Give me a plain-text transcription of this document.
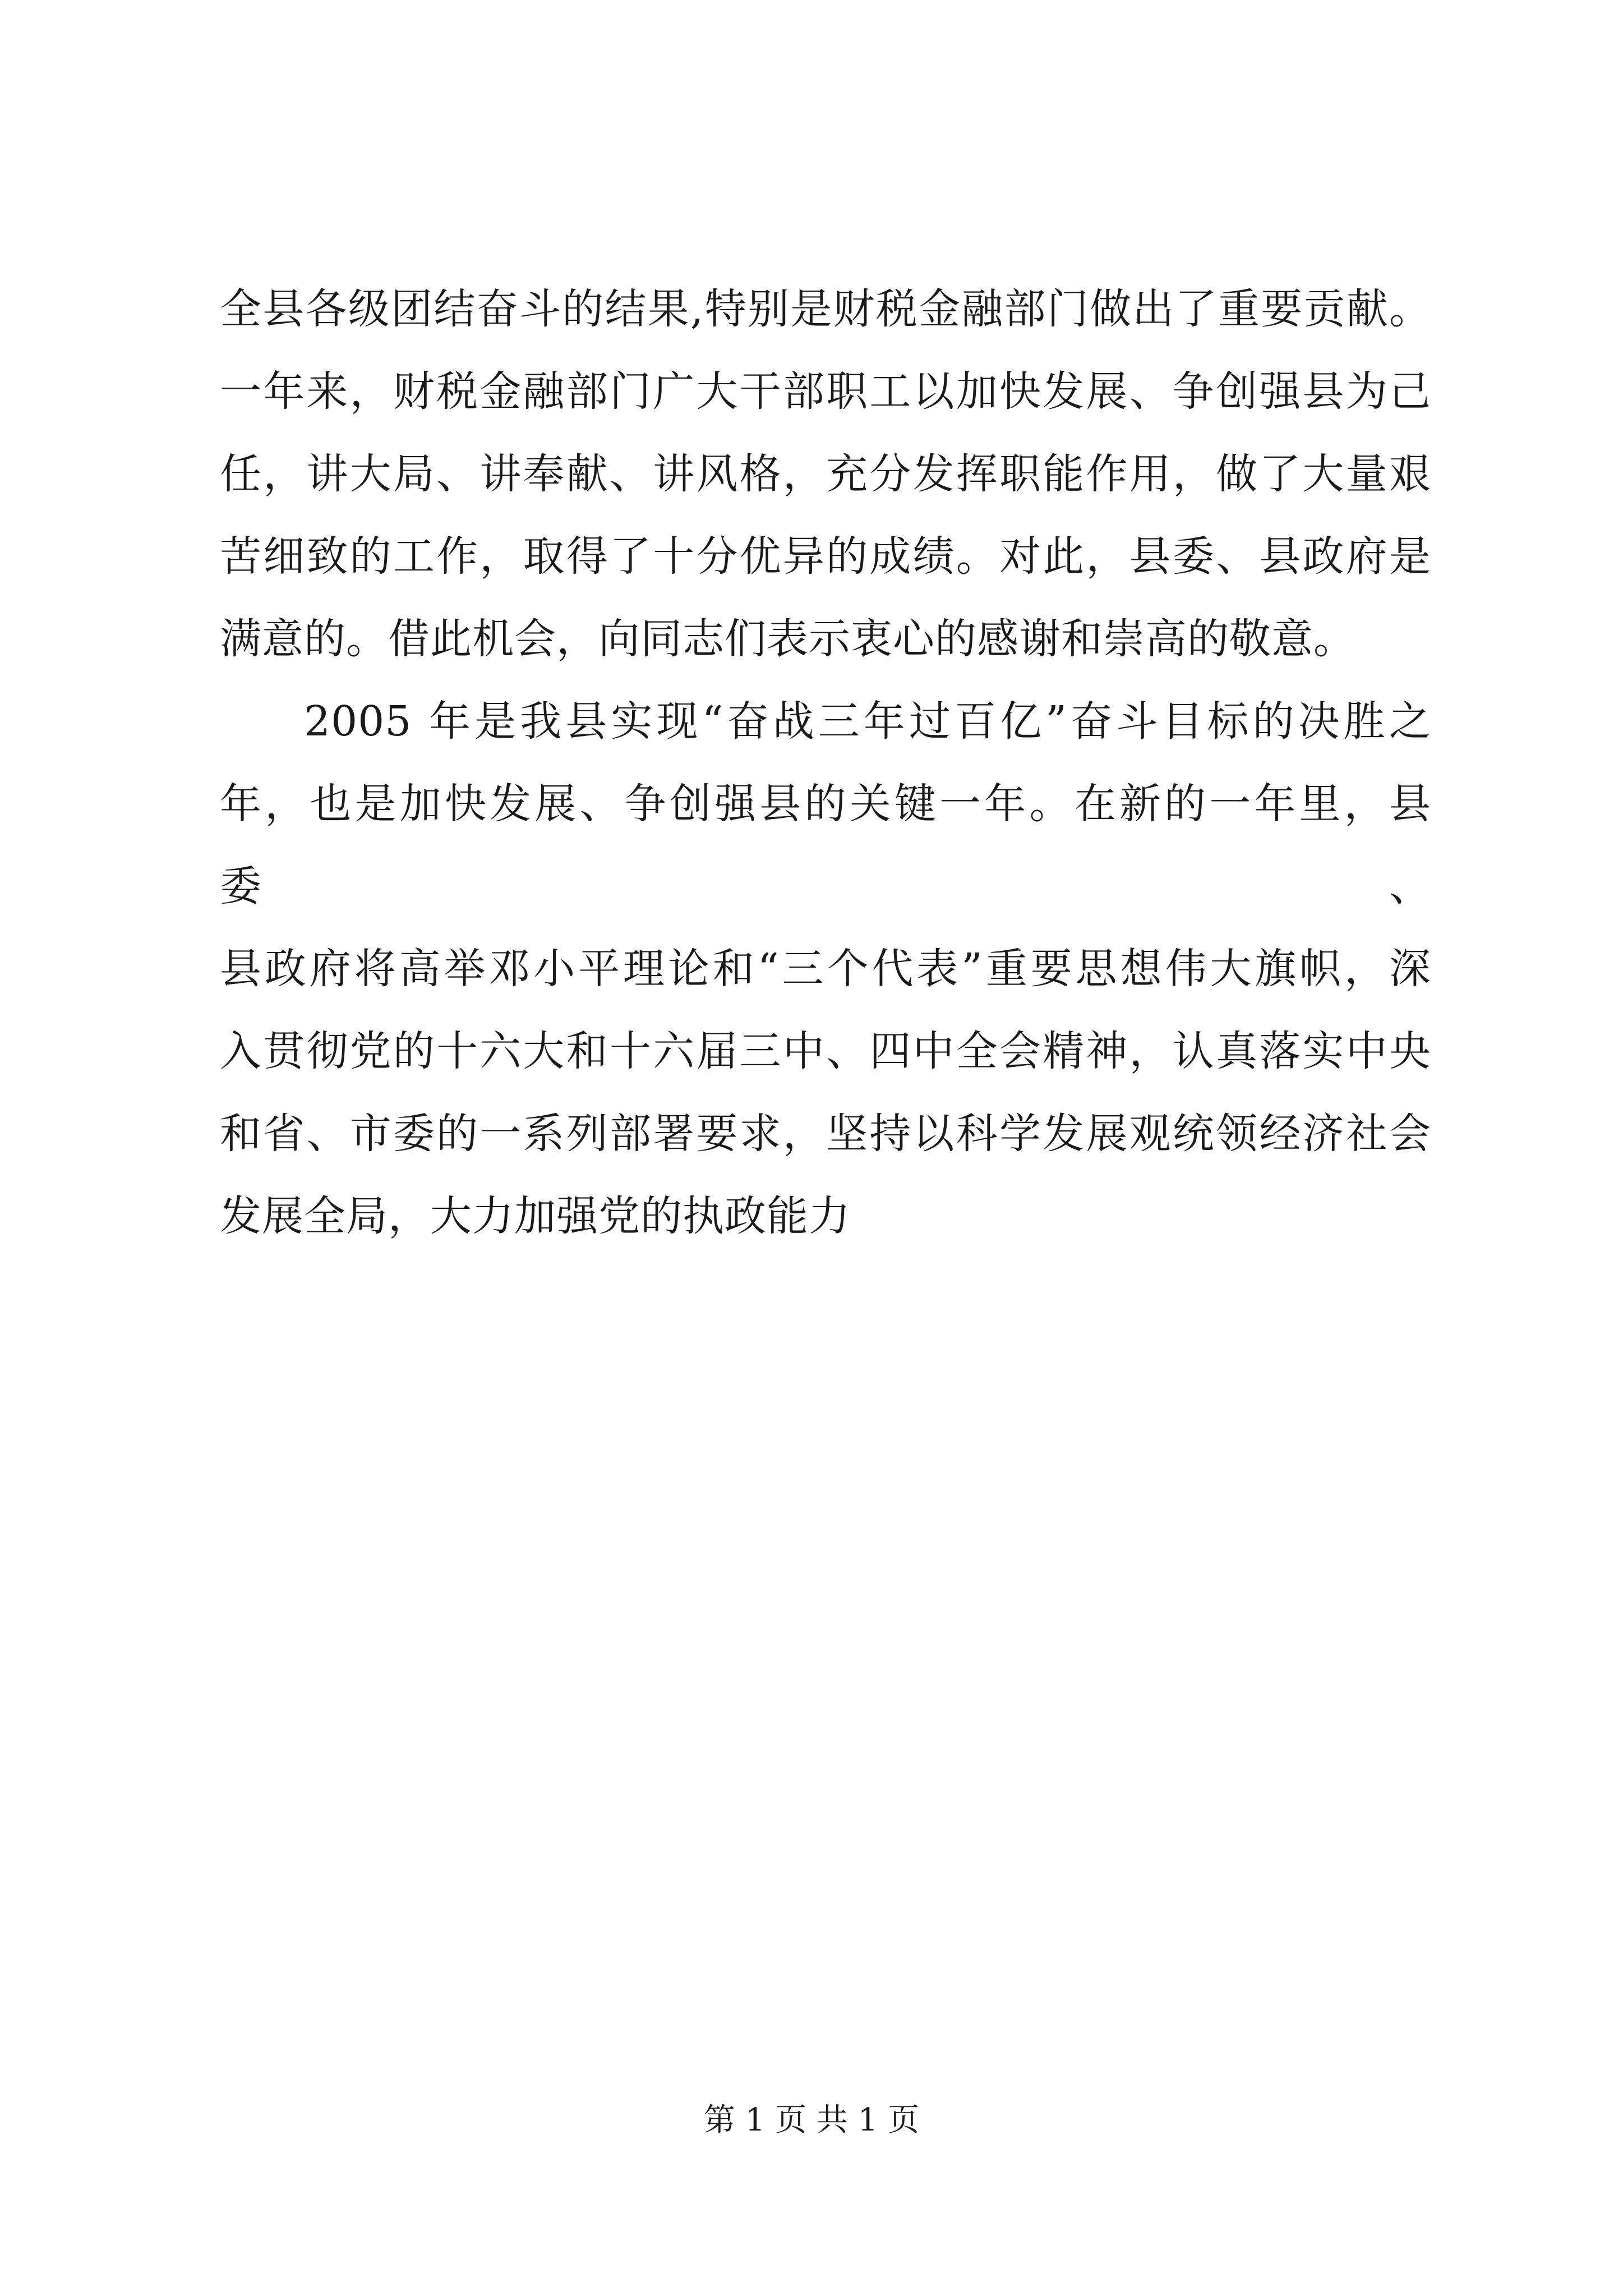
全县各级团结奋斗的结果,特别是财税金融部门做出了重要贡献。
一年来，财税金融部门广大干部职工以加快发展、争创强县为己
任，讲大局、讲奉献、讲风格，充分发挥职能作用，做了大量艰
苦细致的工作，取得了十分优异的成绩。对此，县委、县政府是
满意的。借此机会，向同志们表示衷心的感谢和崇高的敬意。
2005 年是我县实现“奋战三年过百亿”奋斗目标的决胜之
年，也是加快发展、争创强县的关键一年。在新的一年里，县委、
县政府将高举邓小平理论和“三个代表”重要思想伟大旗帜，深
入贯彻党的十六大和十六届三中、四中全会精神，认真落实中央
和省、市委的一系列部署要求，坚持以科学发展观统领经济社会
发展全局，大力加强党的执政能力
第 1 页 共 1 页
